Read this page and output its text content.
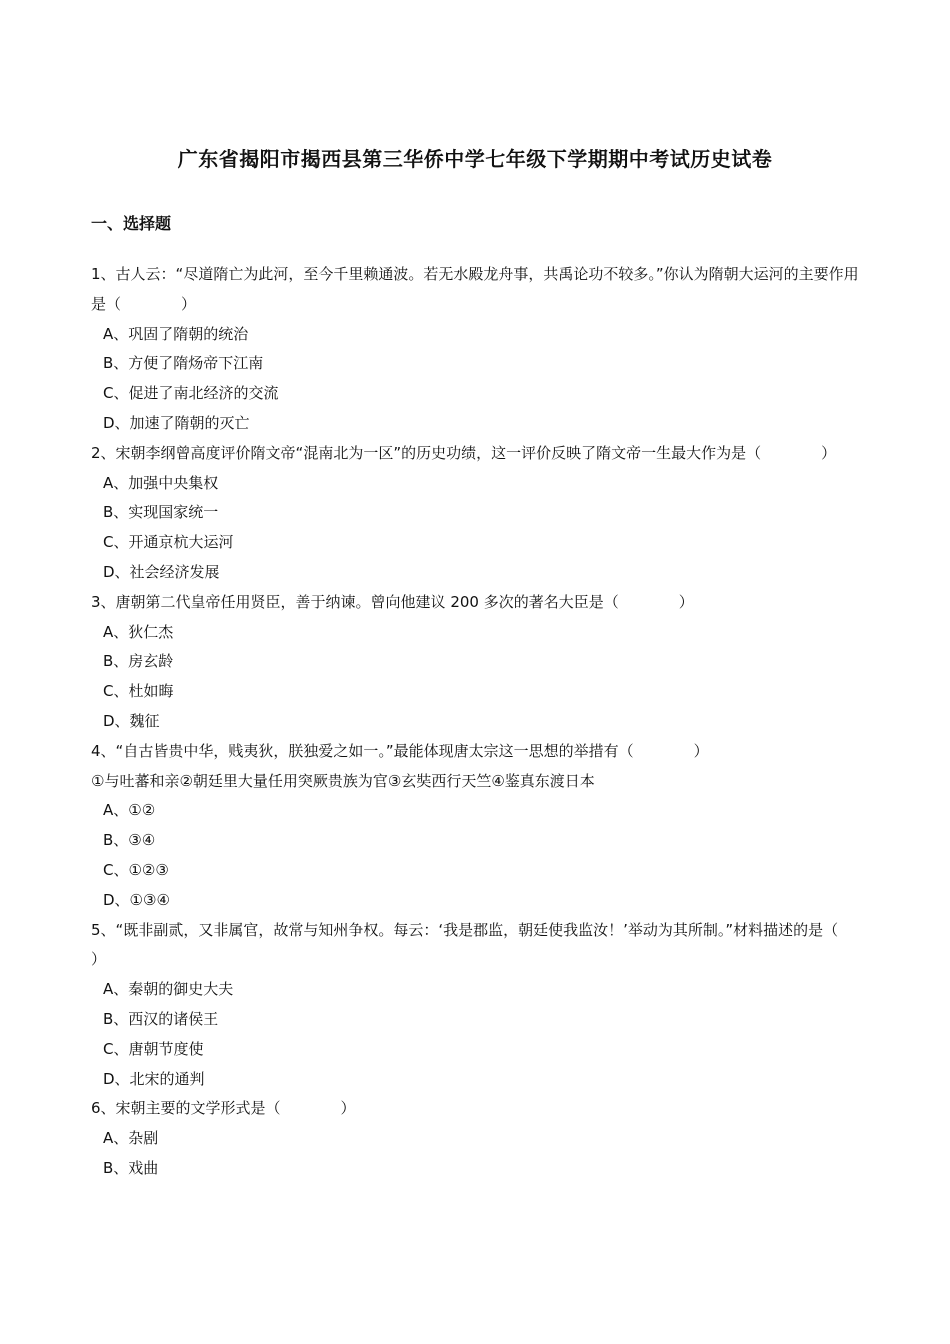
广东省揭阳市揭西县第三华侨中学七年级下学期期中考试历史试卷
一、选择题

1、古人云：“尽道隋亡为此河，至今千里赖通波。若无水殿龙舟事，共禹论功不较多。”你认为隋朝大运河的主要作用是（　　　　）

A、巩固了隋朝的统治

B、方便了隋炀帝下江南

C、促进了南北经济的交流

D、加速了隋朝的灭亡

2、宋朝李纲曾高度评价隋文帝“混南北为一区”的历史功绩，这一评价反映了隋文帝一生最大作为是（　　　　）

A、加强中央集权

B、实现国家统一

C、开通京杭大运河

D、社会经济发展

3、唐朝第二代皇帝任用贤臣，善于纳谏。曾向他建议 200 多次的著名大臣是（　　　　）

A、狄仁杰

B、房玄龄

C、杜如晦

D、魏征

4、“自古皆贵中华，贱夷狄，朕独爱之如一。”最能体现唐太宗这一思想的举措有（　　　　）

①与吐蕃和亲②朝廷里大量任用突厥贵族为官③玄奘西行天竺④鉴真东渡日本

A、①②

B、③④

C、①②③

D、①③④

5、“既非副贰，又非属官，故常与知州争权。每云：‘我是郡监，朝廷使我监汝！’举动为其所制。”材料描述的是（　　　　）

A、秦朝的御史大夫

B、西汉的诸侯王

C、唐朝节度使

D、北宋的通判

6、宋朝主要的文学形式是（　　　　）

A、杂剧

B、戏曲
